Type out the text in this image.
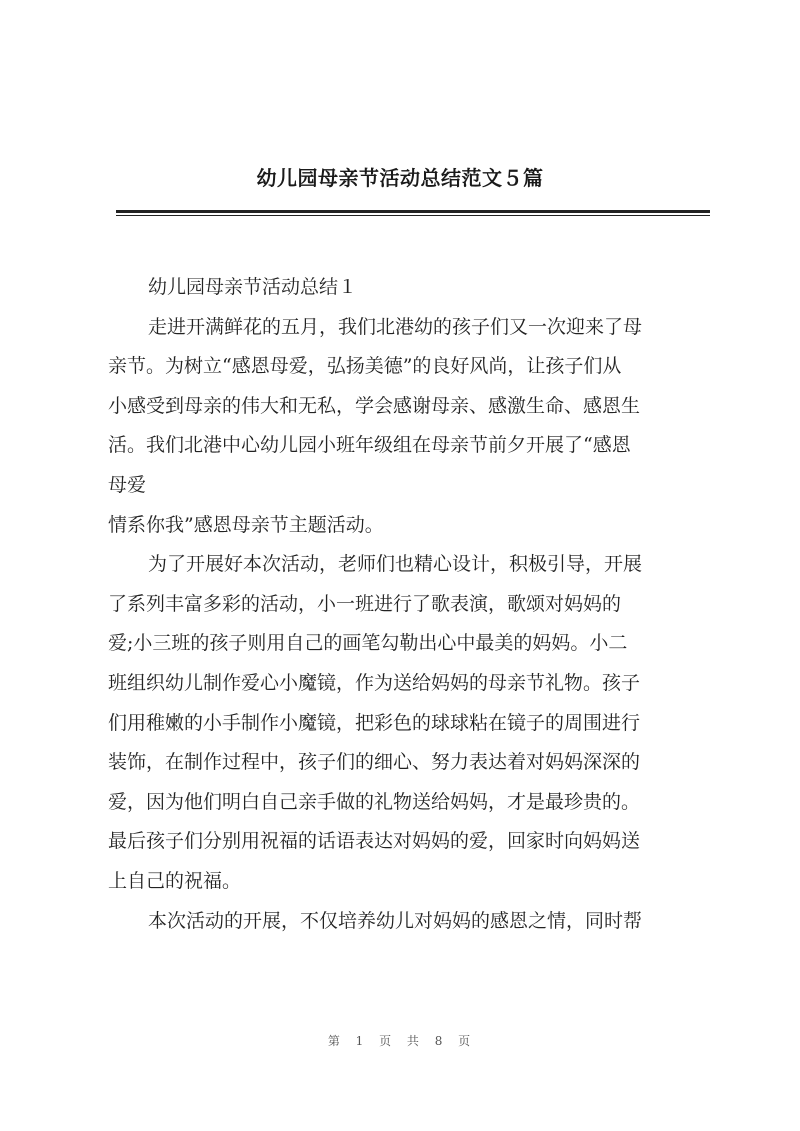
幼儿园母亲节活动总结范文５篇
幼儿园母亲节活动总结１
走进开满鲜花的五月，我们北港幼的孩子们又一次迎来了母
亲节。为树立“感恩母爱，弘扬美德”的良好风尚，让孩子们从
小感受到母亲的伟大和无私，学会感谢母亲、感激生命、感恩生
活。我们北港中心幼儿园小班年级组在母亲节前夕开展了“感恩
母爱
情系你我”感恩母亲节主题活动。
为了开展好本次活动，老师们也精心设计，积极引导，开展
了系列丰富多彩的活动，小一班进行了歌表演，歌颂对妈妈的
爱;小三班的孩子则用自己的画笔勾勒出心中最美的妈妈。小二
班组织幼儿制作爱心小魔镜，作为送给妈妈的母亲节礼物。孩子
们用稚嫩的小手制作小魔镜，把彩色的球球粘在镜子的周围进行
装饰，在制作过程中，孩子们的细心、努力表达着对妈妈深深的
爱，因为他们明白自己亲手做的礼物送给妈妈，才是最珍贵的。
最后孩子们分别用祝福的话语表达对妈妈的爱，回家时向妈妈送
上自己的祝福。
本次活动的开展，不仅培养幼儿对妈妈的感恩之情，同时帮
第 1 页 共 8 页
